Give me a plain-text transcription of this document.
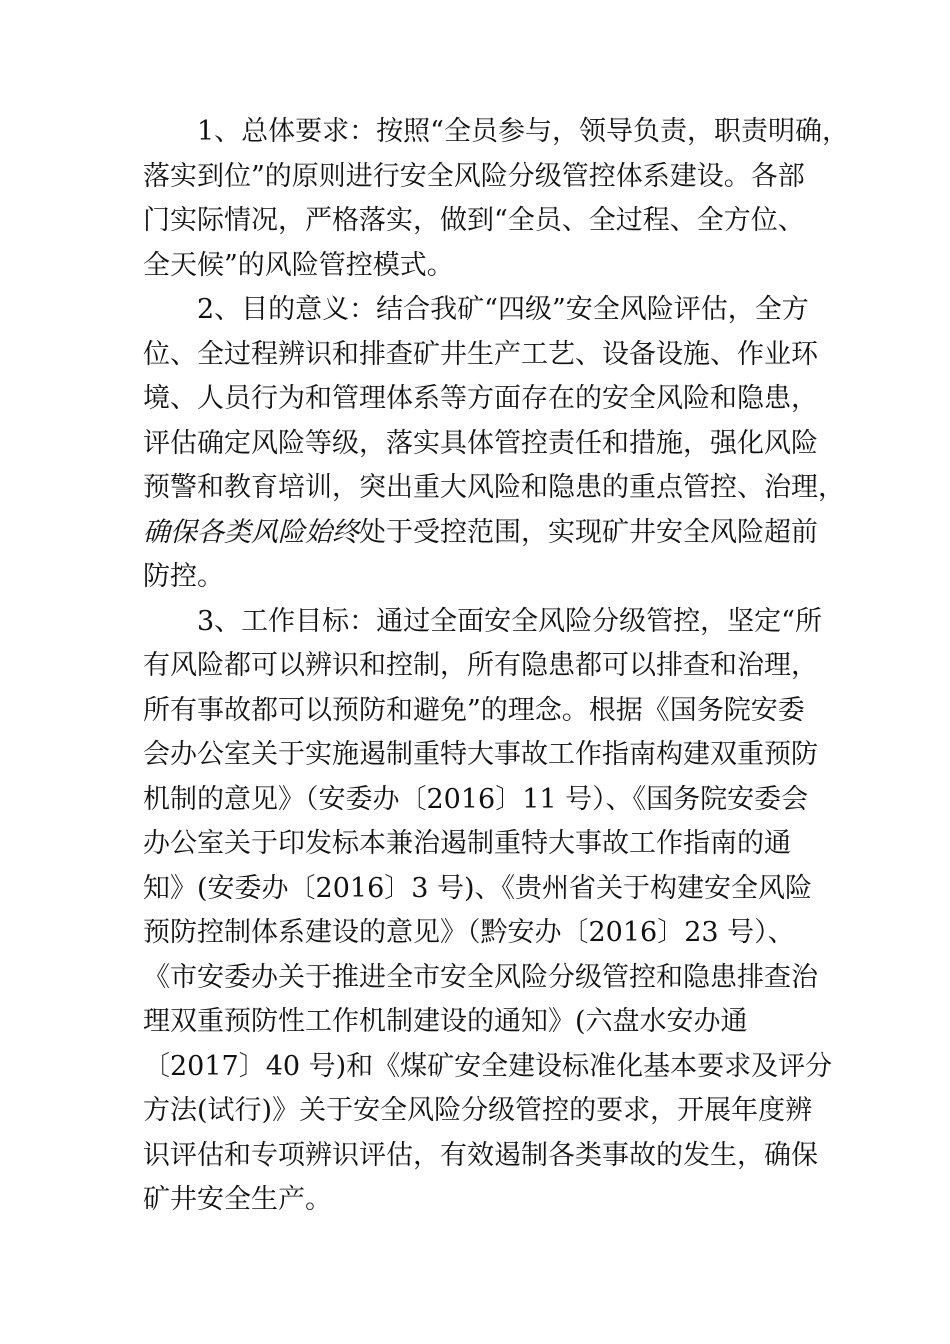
1、总体要求：按照“全员参与，领导负责，职责明确，
落实到位”的原则进行安全风险分级管控体系建设。各部
门实际情况，严格落实，做到“全员、全过程、全方位、
全天候”的风险管控模式。
2、目的意义：结合我矿“四级”安全风险评估，全方
位、全过程辨识和排查矿井生产工艺、设备设施、作业环
境、人员行为和管理体系等方面存在的安全风险和隐患，
评估确定风险等级，落实具体管控责任和措施，强化风险
预警和教育培训，突出重大风险和隐患的重点管控、治理，
确保各类风险始终处于受控范围，实现矿井安全风险超前
防控。
3、工作目标：通过全面安全风险分级管控，坚定“所
有风险都可以辨识和控制，所有隐患都可以排查和治理，
所有事故都可以预防和避免”的理念。根据《国务院安委
会办公室关于实施遏制重特大事故工作指南构建双重预防
机制的意见》（安委办〔2016〕11 号）、《国务院安委会
办公室关于印发标本兼治遏制重特大事故工作指南的通
知》(安委办〔2016〕3 号)、《贵州省关于构建安全风险
预防控制体系建设的意见》（黔安办〔2016〕23 号）、
《市安委办关于推进全市安全风险分级管控和隐患排查治
理双重预防性工作机制建设的通知》(六盘水安办通
〔2017〕40 号)和《煤矿安全建设标准化基本要求及评分
方法(试行)》关于安全风险分级管控的要求，开展年度辨
识评估和专项辨识评估，有效遏制各类事故的发生，确保
矿井安全生产。
